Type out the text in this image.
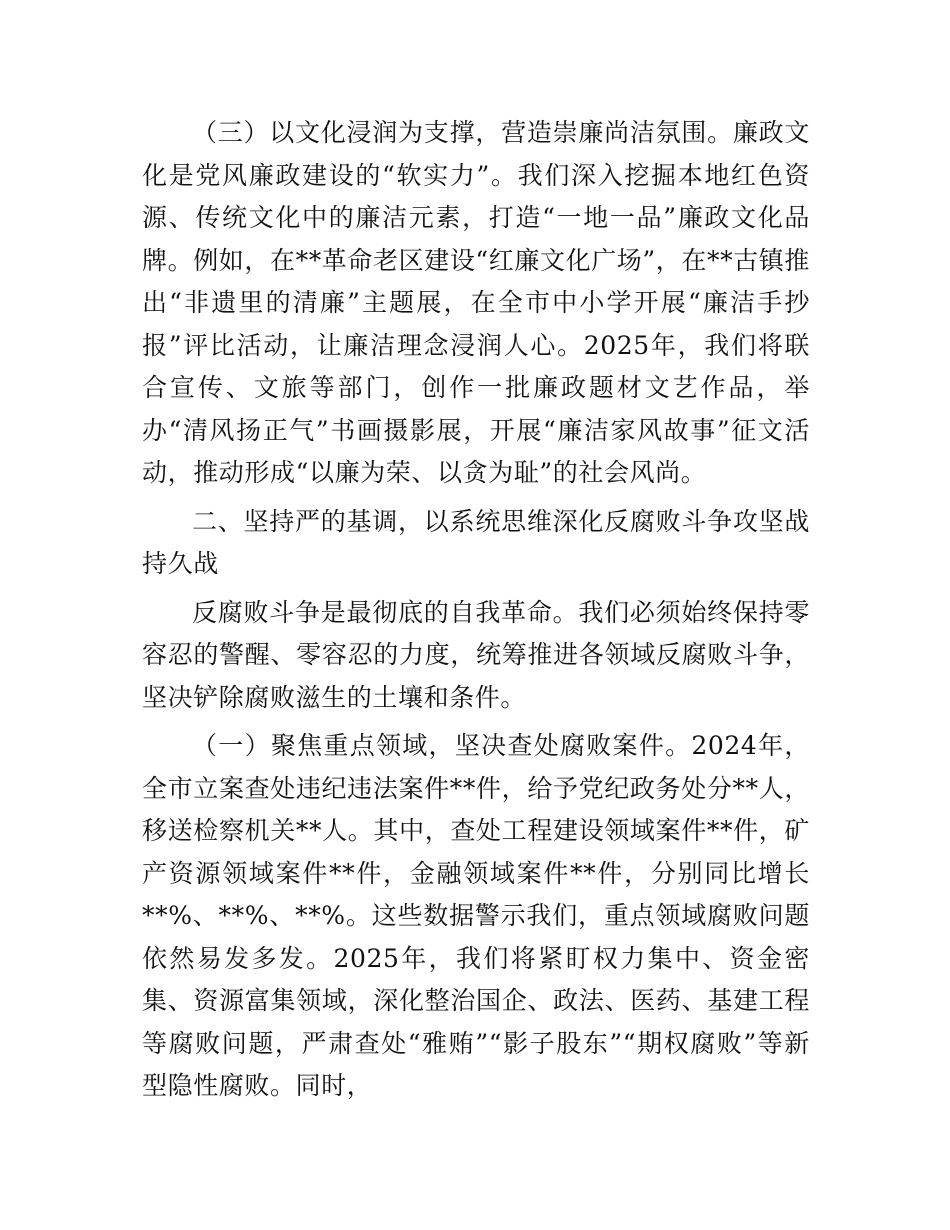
（三）以文化浸润为支撑，营造崇廉尚洁氛围。廉政文化是党风廉政建设的“软实力”。我们深入挖掘本地红色资源、传统文化中的廉洁元素，打造“一地一品”廉政文化品牌。例如，在**革命老区建设“红廉文化广场”，在**古镇推出“非遗里的清廉”主题展，在全市中小学开展“廉洁手抄报”评比活动，让廉洁理念浸润人心。2025年，我们将联合宣传、文旅等部门，创作一批廉政题材文艺作品，举办“清风扬正气”书画摄影展，开展“廉洁家风故事”征文活动，推动形成“以廉为荣、以贪为耻”的社会风尚。

二、坚持严的基调，以系统思维深化反腐败斗争攻坚战持久战

反腐败斗争是最彻底的自我革命。我们必须始终保持零容忍的警醒、零容忍的力度，统筹推进各领域反腐败斗争，坚决铲除腐败滋生的土壤和条件。

（一）聚焦重点领域，坚决查处腐败案件。2024年，全市立案查处违纪违法案件**件，给予党纪政务处分**人，移送检察机关**人。其中，查处工程建设领域案件**件，矿产资源领域案件**件，金融领域案件**件，分别同比增长**%、**%、**%。这些数据警示我们，重点领域腐败问题依然易发多发。2025年，我们将紧盯权力集中、资金密集、资源富集领域，深化整治国企、政法、医药、基建工程等腐败问题，严肃查处“雅贿”“影子股东”“期权腐败”等新型隐性腐败。同时，
